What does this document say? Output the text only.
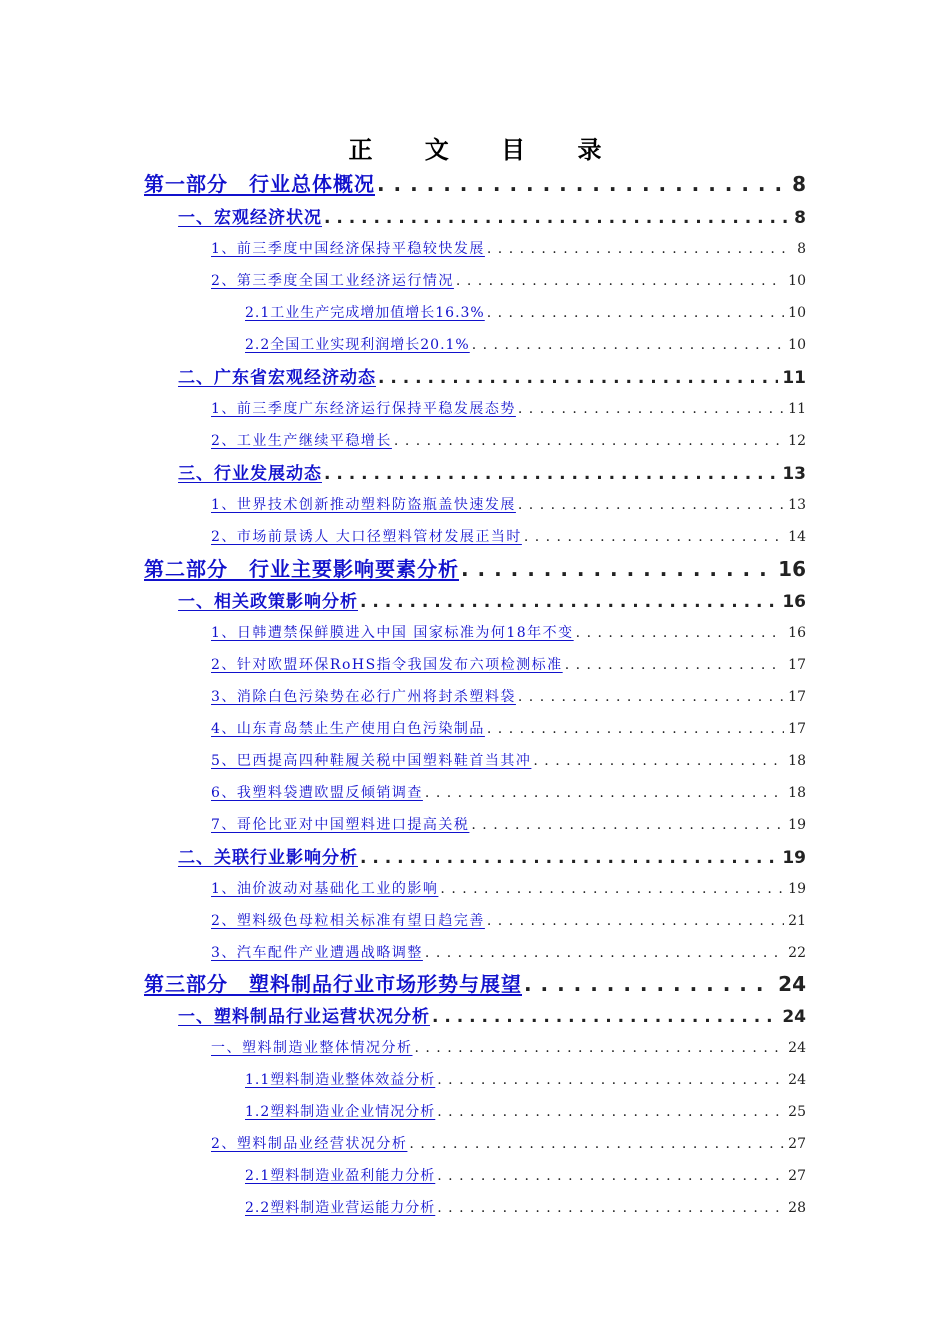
正 文 目 录
第一部分　行业总体概况 . . .	8
一、宏观经济状况 . . .	8
1、前三季度中国经济保持平稳较快发展 . . .	8
2、第三季度全国工业经济运行情况 . . .	10
2.1工业生产完成增加值增长16.3% . . .	10
2.2全国工业实现利润增长20.1% . . .	10
二、广东省宏观经济动态 . . .	11
1、前三季度广东经济运行保持平稳发展态势 . . .	11
2、工业生产继续平稳增长 . . .	12
三、行业发展动态 . . .	13
1、世界技术创新推动塑料防盗瓶盖快速发展 . . .	13
2、市场前景诱人 大口径塑料管材发展正当时 . . .	14
第二部分　行业主要影响要素分析 . . .	16
一、相关政策影响分析 . . .	16
1、日韩遭禁保鲜膜进入中国 国家标准为何18年不变 . . .	16
2、针对欧盟环保RoHS指令我国发布六项检测标准 . . .	17
3、消除白色污染势在必行广州将封杀塑料袋 . . .	17
4、山东青岛禁止生产使用白色污染制品 . . .	17
5、巴西提高四种鞋履关税中国塑料鞋首当其冲 . . .	18
6、我塑料袋遭欧盟反倾销调查 . . .	18
7、哥伦比亚对中国塑料进口提高关税 . . .	19
二、关联行业影响分析 . . .	19
1、油价波动对基础化工业的影响 . . .	19
2、塑料级色母粒相关标准有望日趋完善 . . .	21
3、汽车配件产业遭遇战略调整 . . .	22
第三部分　塑料制品行业市场形势与展望 . . .	24
一、塑料制品行业运营状况分析 . . .	24
一、塑料制造业整体情况分析 . . .	24
1.1塑料制造业整体效益分析 . . .	24
1.2塑料制造业企业情况分析 . . .	25
2、塑料制品业经营状况分析 . . .	27
2.1塑料制造业盈利能力分析 . . .	27
2.2塑料制造业营运能力分析 . . .	28
